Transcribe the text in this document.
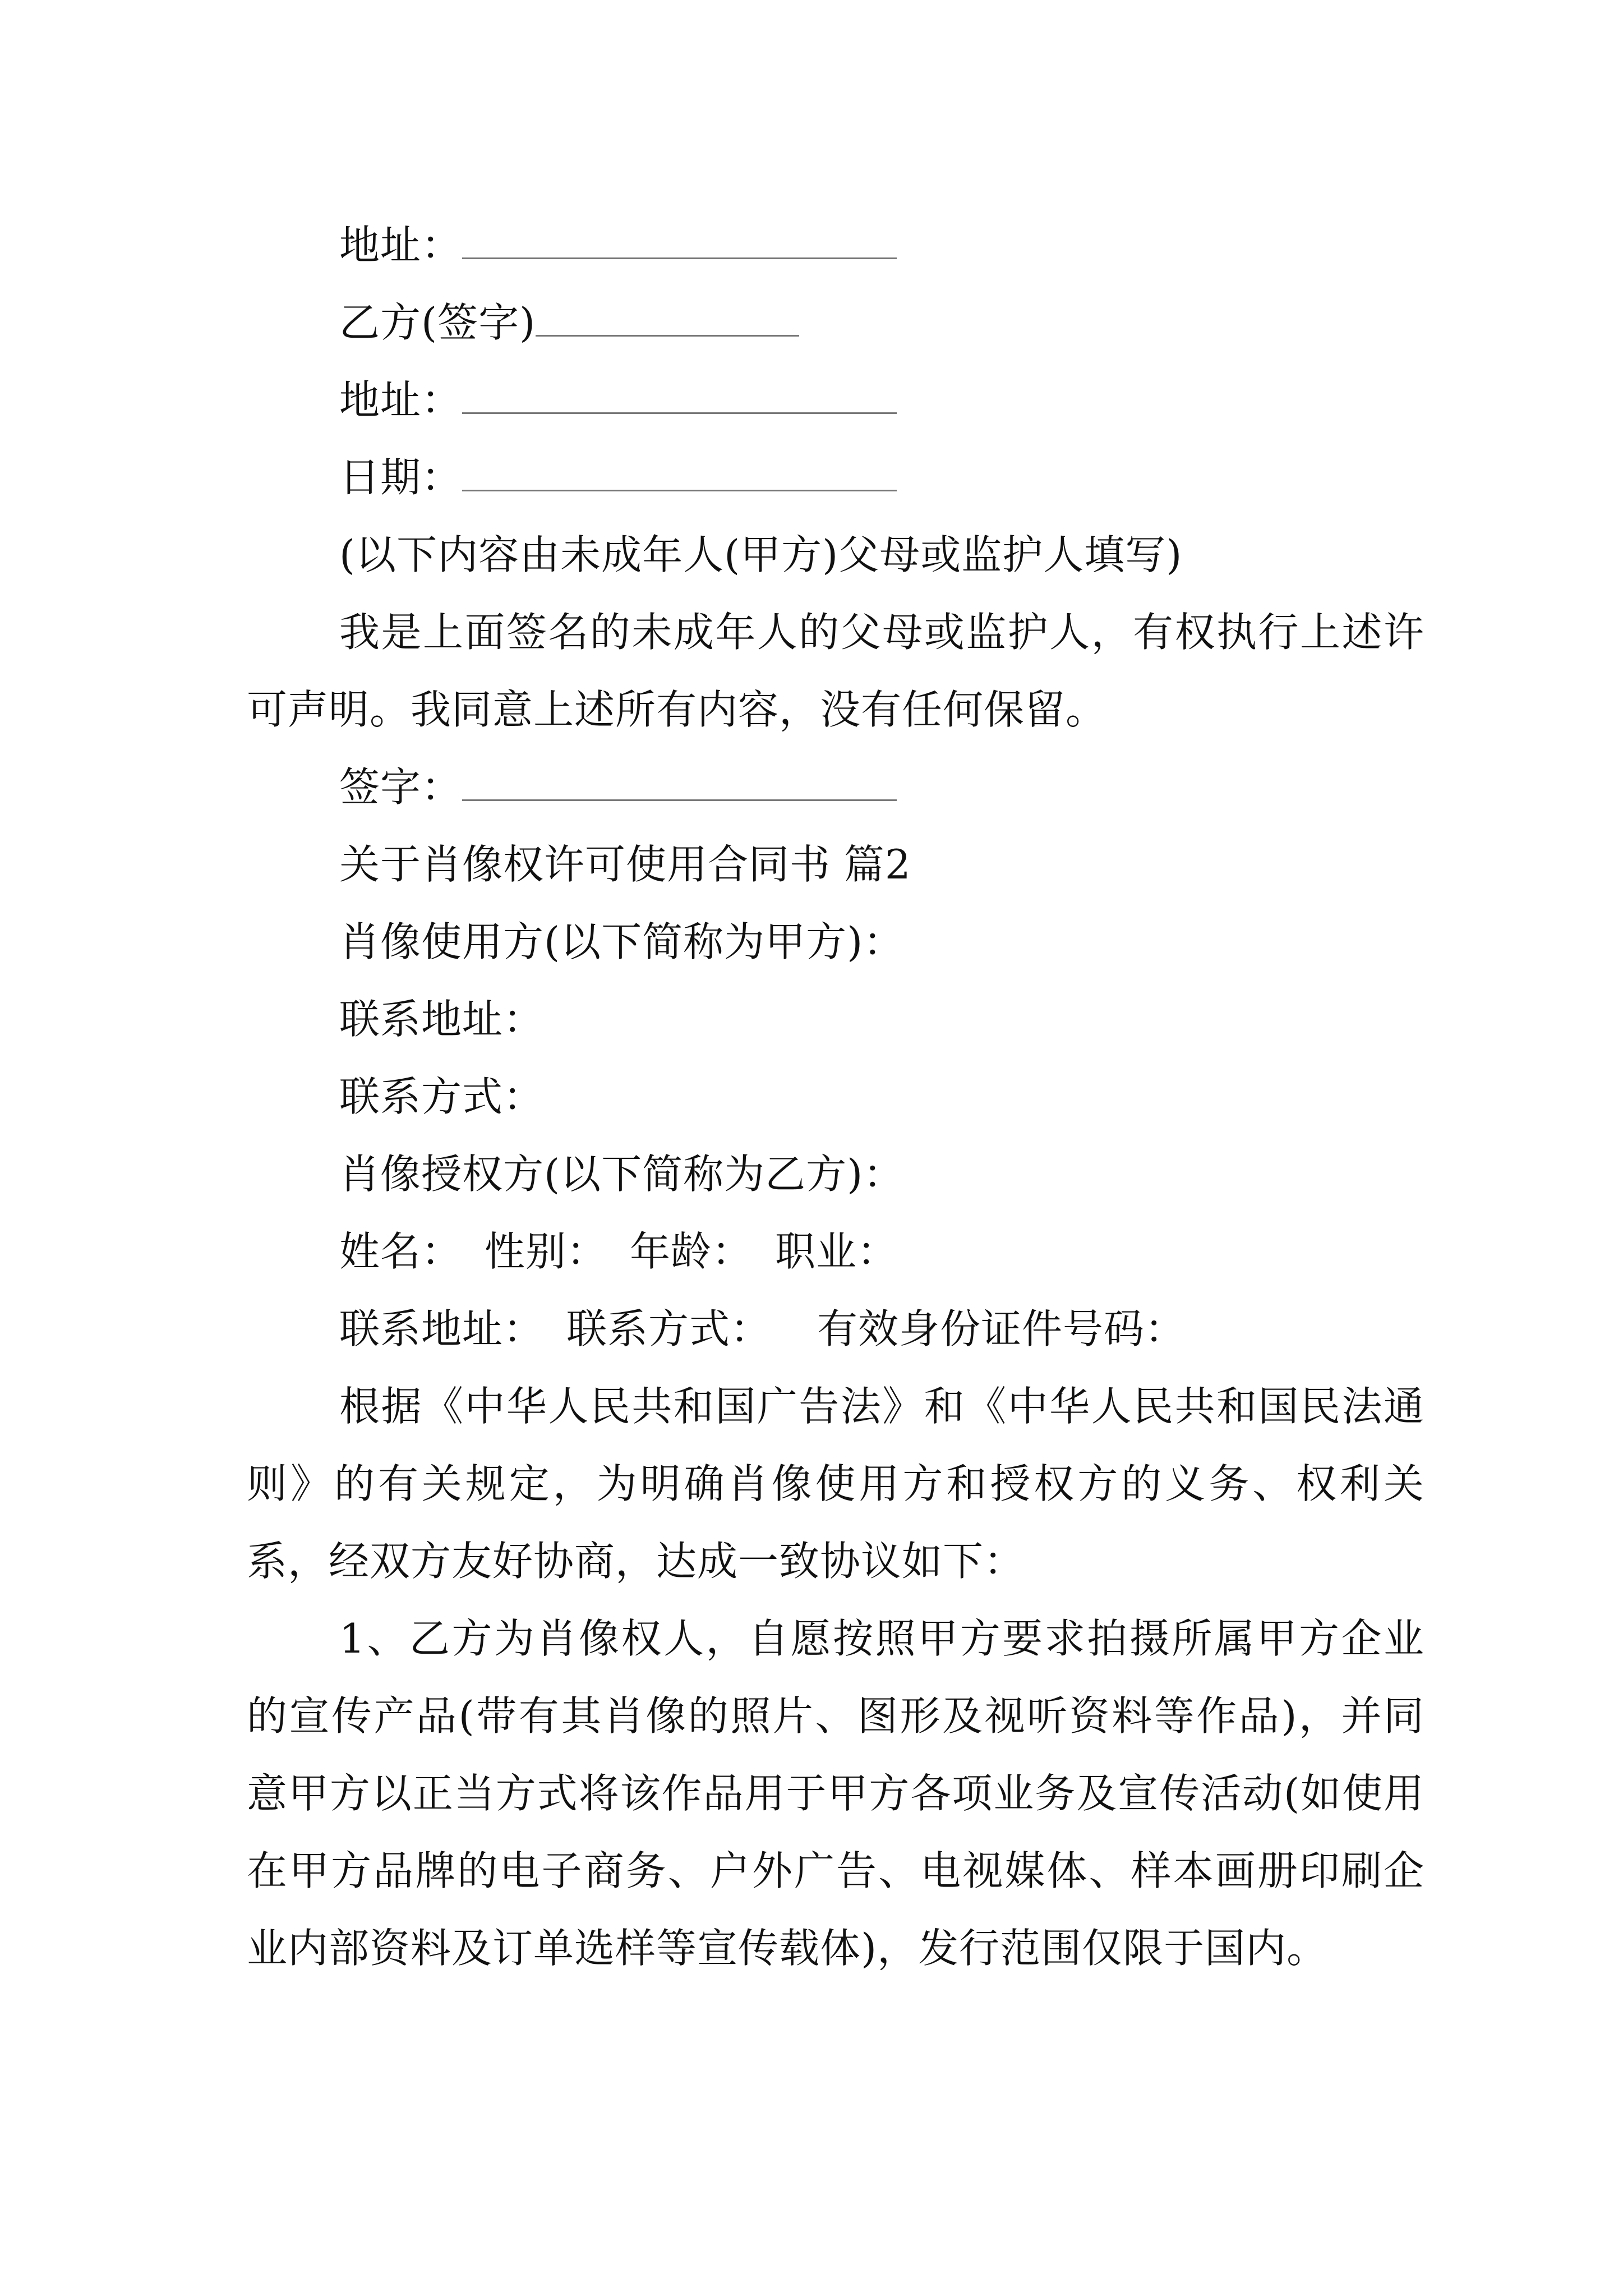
地址：
乙方(签字)
地址：
日期：
(以下内容由未成年人(甲方)父母或监护人填写)
我是上面签名的未成年人的父母或监护人，有权执行上述许可声明。我同意上述所有内容，没有任何保留。
签字：
关于肖像权许可使用合同书 篇2
肖像使用方(以下简称为甲方)：
联系地址：
联系方式：
肖像授权方(以下简称为乙方)：
姓名： 性别： 年龄： 职业：
联系地址： 联系方式： 有效身份证件号码：
根据《中华人民共和国广告法》和《中华人民共和国民法通则》的有关规定，为明确肖像使用方和授权方的义务、权利关系，经双方友好协商，达成一致协议如下：
1、乙方为肖像权人，自愿按照甲方要求拍摄所属甲方企业的宣传产品(带有其肖像的照片、图形及视听资料等作品)，并同意甲方以正当方式将该作品用于甲方各项业务及宣传活动(如使用在甲方品牌的电子商务、户外广告、电视媒体、样本画册印刷企业内部资料及订单选样等宣传载体)，发行范围仅限于国内。
